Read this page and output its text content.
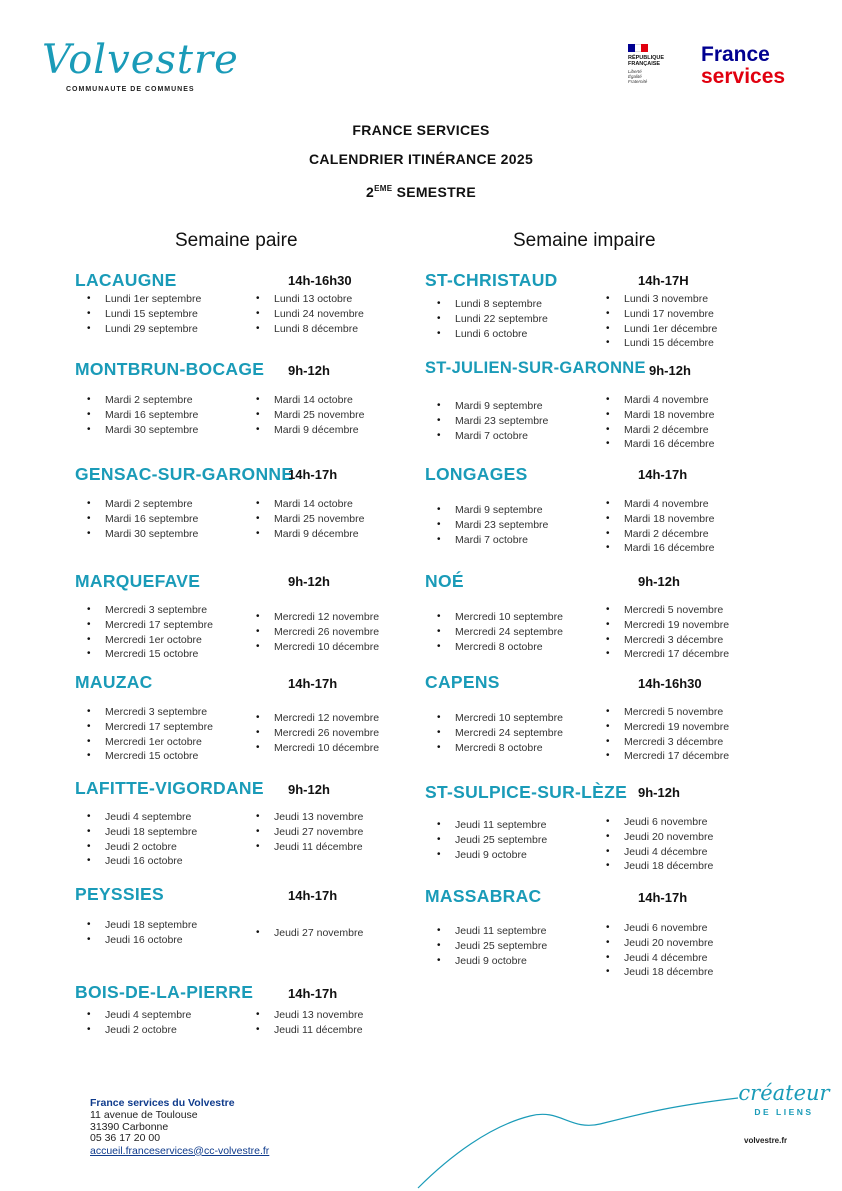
Volvestre
COMMUNAUTE DE COMMUNES
RÉPUBLIQUE
FRANÇAISE
Liberté
Égalité
Fraternité
France
services
FRANCE SERVICES
CALENDRIER ITINÉRANCE 2025
2EME SEMESTRE
Semaine paire	Semaine impaire
LACAUGNE	14h-16h30
• Lundi 1er septembre
• Lundi 15 septembre
• Lundi 29 septembre
• Lundi 13 octobre
• Lundi 24 novembre
• Lundi 8 décembre
MONTBRUN-BOCAGE 9h-12h
• Mardi 2 septembre
• Mardi 16 septembre
• Mardi 30 septembre
• Mardi 14 octobre
• Mardi 25 novembre
• Mardi 9 décembre
GENSAC-SUR-GARONNE
14h-17h
• Mardi 2 septembre
• Mardi 16 septembre
• Mardi 30 septembre
• Mardi 14 octobre
• Mardi 25 novembre
• Mardi 9 décembre
MARQUEFAVE	9h-12h
• Mercredi 3 septembre
• Mercredi 17 septembre
• Mercredi 1er octobre
• Mercredi 15 octobre
• Mercredi 12 novembre
• Mercredi 26 novembre
• Mercredi 10 décembre
MAUZAC	14h-17h
• Mercredi 3 septembre
• Mercredi 17 septembre
• Mercredi 1er octobre
• Mercredi 15 octobre
• Mercredi 12 novembre
• Mercredi 26 novembre
• Mercredi 10 décembre
LAFITTE-VIGORDANE 9h-12h
• Jeudi 4 septembre
• Jeudi 18 septembre
• Jeudi 2 octobre
• Jeudi 16 octobre
• Jeudi 13 novembre
• Jeudi 27 novembre
• Jeudi 11 décembre
PEYSSIES	14h-17h
• Jeudi 18 septembre
• Jeudi 16 octobre
• Jeudi 27 novembre
BOIS-DE-LA-PIERRE	14h-17h
• Jeudi 4 septembre
• Jeudi 2 octobre
• Jeudi 13 novembre
• Jeudi 11 décembre
ST-CHRISTAUD	14h-17H
• Lundi 8 septembre
• Lundi 22 septembre
• Lundi 6 octobre
• Lundi 3 novembre
• Lundi 17 novembre
• Lundi 1er décembre
• Lundi 15 décembre
ST-JULIEN-SUR-GARONNE 9h-12h
• Mardi 9 septembre
• Mardi 23 septembre
• Mardi 7 octobre
• Mardi 4 novembre
• Mardi 18 novembre
• Mardi 2 décembre
• Mardi 16 décembre
LONGAGES	14h-17h
• Mardi 9 septembre
• Mardi 23 septembre
• Mardi 7 octobre
• Mardi 4 novembre
• Mardi 18 novembre
• Mardi 2 décembre
• Mardi 16 décembre
NOÉ	9h-12h
• Mercredi 10 septembre
• Mercredi 24 septembre
• Mercredi 8 octobre
• Mercredi 5 novembre
• Mercredi 19 novembre
• Mercredi 3 décembre
• Mercredi 17 décembre
CAPENS	14h-16h30
• Mercredi 10 septembre
• Mercredi 24 septembre
• Mercredi 8 octobre
• Mercredi 5 novembre
• Mercredi 19 novembre
• Mercredi 3 décembre
• Mercredi 17 décembre
ST-SULPICE-SUR-LÈZE 9h-12h
• Jeudi 11 septembre
• Jeudi 25 septembre
• Jeudi 9 octobre
• Jeudi 6 novembre
• Jeudi 20 novembre
• Jeudi 4 décembre
• Jeudi 18 décembre
MASSABRAC	14h-17h
• Jeudi 11 septembre
• Jeudi 25 septembre
• Jeudi 9 octobre
• Jeudi 6 novembre
• Jeudi 20 novembre
• Jeudi 4 décembre
• Jeudi 18 décembre
France services du Volvestre
11 avenue de Toulouse
31390 Carbonne
05 36 17 20 00
accueil.franceservices@cc-volvestre.fr
créateur
DE LIENS
volvestre.fr
